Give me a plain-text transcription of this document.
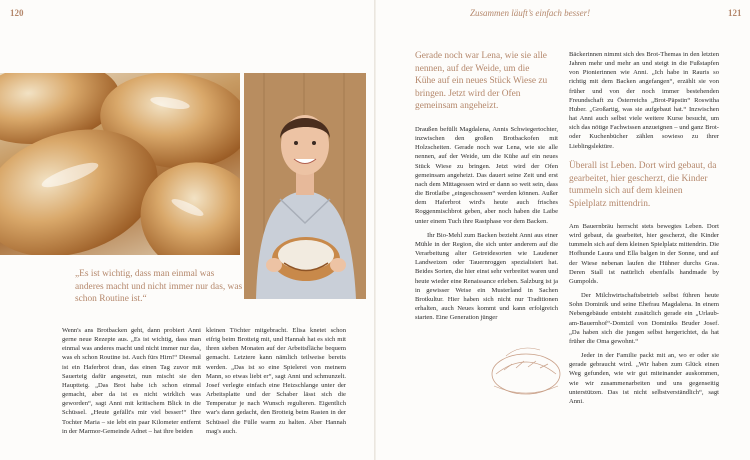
120	Zusammen läuft’s einfach besser!	121
„Es ist wichtig, dass man einmal was anderes macht und nicht immer nur das, was schon Routine ist.“

Wenn's ans Brotbacken geht, dann probiert Anni gerne neue Rezepte aus. „Es ist wichtig, dass man einmal was anderes macht und nicht immer nur das, was eh schon Routine ist. Auch fürs Hirn!“ Diesmal ist ein Haferbrot dran, das einen Tag zuvor mit Sauerteig dafür angesetzt, nun mischt sie den Hauptteig. „Das Brot habe ich schon einmal gemacht, aber da ist es nicht wirklich was geworden“, sagt Anni mit kritischem Blick in die Schüssel. „Heute gefällt's mir viel besser!“ Ihre Tochter Maria – sie lebt ein paar Kilometer entfernt in der Marmor-Gemeinde Adnet – hat ihre beiden

kleinen Töchter mitgebracht. Elisa knetet schon eifrig beim Brotteig mit, und Hannah hat es sich mit ihren sieben Monaten auf der Arbeitsfläche bequem gemacht. Letztere kann nämlich teilweise bereits werden. „Das ist so eine Spielerei von meinem Mann, so etwas liebt er“, sagt Anni und schmunzelt. Josef verlegte einfach eine Heizschlange unter der Arbeitsplatte und der Schaber lässt sich die Temperatur je nach Wunsch regulieren. Eigentlich war's dann gedacht, den Brotteig beim Rasten in der Schüssel die Fülle warm zu halten. Aber Hannah mag's auch.

Gerade noch war Lena, wie sie alle nennen, auf der Weide, um die Kühe auf ein neues Stück Wiese zu bringen. Jetzt wird der Ofen gemeinsam angeheizt.

Draußen befüllt Magdalena, Annis Schwiegertochter, inzwischen den großen Brotbackofen mit Holzscheiten. Gerade noch war Lena, wie sie alle nennen, auf der Weide, um die Kühe auf ein neues Stück Wiese zu bringen. Jetzt wird der Ofen gemeinsam angeheizt. Das dauert seine Zeit und erst nach dem Mittagessen wird er dann so weit sein, dass die Brotlaibe „eingeschossen“ werden können. Außer dem Haferbrot wird's heute auch frisches Roggenmischbrot geben, aber noch haben die Laibe unter einem Tuch ihre Rastphase vor dem Backen.

Ihr Bio-Mehl zum Backen bezieht Anni aus einer Mühle in der Region, die sich unter anderem auf die Verarbeitung alter Getreidesorten wie Laudener Landweizen oder Tauernroggen spezialisiert hat. Beides Sorten, die hier einst sehr verbreitet waren und heute wieder eine Renaissance erleben. Salzburg ist ja in gewisser Weise ein Musterland in Sachen Brotkultur. Hier haben sich nicht nur Traditionen erhalten, auch Neues kommt und kann erfolgreich starten. Eine Generation jünger

Bäckerinnen nimmt sich des Brot-Themas in den letzten Jahren mehr und mehr an und steigt in die Fußstapfen von Pionierinnen wie Anni. „Ich habe in Rauris so richtig mit dem Backen angefangen“, erzählt sie von früher und von der noch immer bestehenden Freundschaft zu Österreichs „Brot-Päpstin“ Roswitha Huber. „Großartig, was sie aufgebaut hat.“ Inzwischen hat Anni auch selbst viele weitere Kurse besucht, um sich das nötige Fachwissen anzueignen – und ganz Brot- oder Kuchenbücher zählen sowieso zu ihrer Lieblingslektüre.

Überall ist Leben. Dort wird gebaut, da gearbeitet, hier gescherzt, die Kinder tummeln sich auf dem kleinen Spielplatz mittendrin.

Am Bauernbräu herrscht stets bewegtes Leben. Dort wird gebaut, da gearbeitet, hier gescherzt, die Kinder tummeln sich auf dem kleinen Spielplatz mittendrin. Die Hofhunde Laura und Ella balgen in der Sonne, und auf der Wiese nebenan laufen die Hühner durchs Gras. Deren Stall ist natürlich ebenfalls handmade by Gumpolds.

Der Milchwirtschaftsbetrieb selbst führen heute Sohn Dominik und seine Ehefrau Magdalena. In einem Nebengebäude entsteht zusätzlich gerade ein „Urlaub-am-Bauernhof“-Domizil von Dominiks Bruder Josef. „Da haben sich die jungen selbst hergerichtet, da hat früher die Oma gewohnt.“

Jeder in der Familie packt mit an, wo er oder sie gerade gebraucht wird. „Wir haben zum Glück einen Weg gefunden, wie wir gut miteinander auskommen, wie wir zusammenarbeiten und uns gegenseitig unterstützen. Das ist nicht selbstverständlich“, sagt Anni.
